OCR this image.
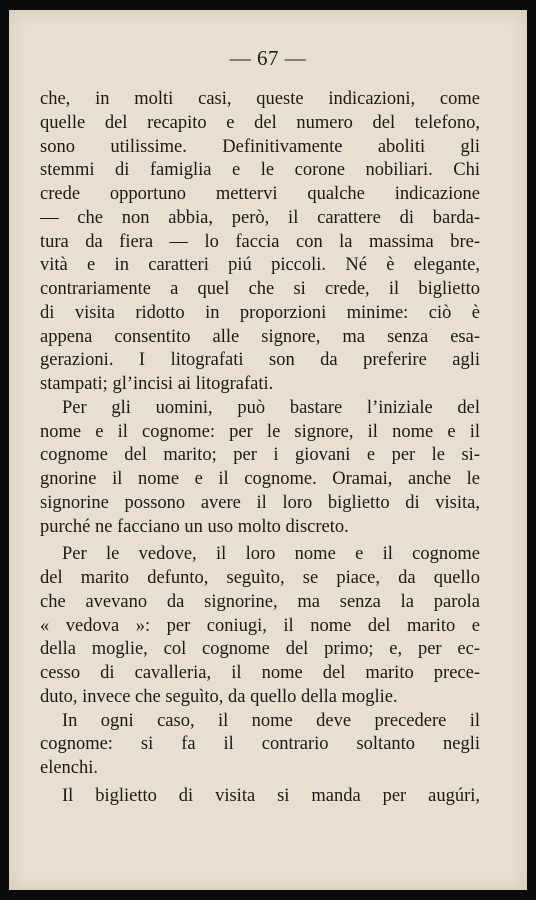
— 67 —
che, in molti casi, queste indicazioni, come
quelle del recapito e del numero del telefono,
sono utilissime. Definitivamente aboliti gli
stemmi di famiglia e le corone nobiliari. Chi
crede opportuno mettervi qualche indicazione
— che non abbia, però, il carattere di barda-
tura da fiera — lo faccia con la massima bre-
vità e in caratteri piú piccoli. Né è elegante,
contrariamente a quel che si crede, il biglietto
di visita ridotto in proporzioni minime: ciò è
appena consentito alle signore, ma senza esa-
gerazioni. I litografati son da preferire agli
stampati; gl’incisi ai litografati.
Per gli uomini, può bastare l’iniziale del
nome e il cognome: per le signore, il nome e il
cognome del marito; per i giovani e per le si-
gnorine il nome e il cognome. Oramai, anche le
signorine possono avere il loro biglietto di visita,
purché ne facciano un uso molto discreto.
Per le vedove, il loro nome e il cognome
del marito defunto, seguìto, se piace, da quello
che avevano da signorine, ma senza la parola
« vedova »: per coniugi, il nome del marito e
della moglie, col cognome del primo; e, per ec-
cesso di cavalleria, il nome del marito prece-
duto, invece che seguìto, da quello della moglie.
In ogni caso, il nome deve precedere il
cognome: si fa il contrario soltanto negli
elenchi.
Il biglietto di visita si manda per augúri,
